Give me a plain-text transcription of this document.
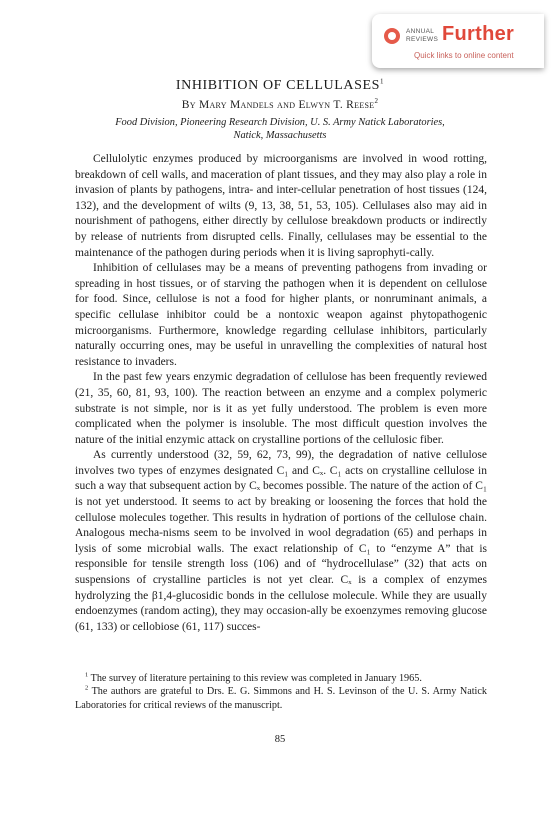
ANNUAL REVIEWS Further
Quick links to online content
INHIBITION OF CELLULASES$^1$
By Mary Mandels and Elwyn T. Reese$^2$
Food Division, Pioneering Research Division, U. S. Army Natick Laboratories,
Natick, Massachusetts

Cellulolytic enzymes produced by microorganisms are involved in wood rotting, breakdown of cell walls, and maceration of plant tissues, and they may also play a role in invasion of plants by pathogens, intra- and inter-cellular penetration of host tissues (124, 132), and the development of wilts (9, 13, 38, 51, 53, 105). Cellulases also may aid in nourishment of pathogens, either directly by cellulose breakdown products or indirectly by release of nutrients from disrupted cells. Finally, cellulases may be essential to the maintenance of the pathogen during periods when it is living saprophyti-cally.

Inhibition of cellulases may be a means of preventing pathogens from invading or spreading in host tissues, or of starving the pathogen when it is dependent on cellulose for food. Since, cellulose is not a food for higher plants, or nonruminant animals, a specific cellulase inhibitor could be a nontoxic weapon against phytopathogenic microorganisms. Furthermore, knowledge regarding cellulase inhibitors, particularly naturally occurring ones, may be useful in unravelling the complexities of natural host resistance to invaders.

In the past few years enzymic degradation of cellulose has been frequently reviewed (21, 35, 60, 81, 93, 100). The reaction between an enzyme and a complex polymeric substrate is not simple, nor is it as yet fully understood. The problem is even more complicated when the polymer is insoluble. The most difficult question involves the nature of the initial enzymic attack on crystalline portions of the cellulosic fiber.

As currently understood (32, 59, 62, 73, 99), the degradation of native cellulose involves two types of enzymes designated C₁ and Cₓ. C₁ acts on crystalline cellulose in such a way that subsequent action by Cₓ becomes possible. The nature of the action of C₁ is not yet understood. It seems to act by breaking or loosening the forces that hold the cellulose molecules together. This results in hydration of portions of the cellulose chain. Analogous mecha-nisms seem to be involved in wool degradation (65) and perhaps in lysis of some microbial walls. The exact relationship of C₁ to “enzyme A” that is responsible for tensile strength loss (106) and of “hydrocellulase” (32) that acts on suspensions of crystalline particles is not yet clear. Cₓ is a complex of enzymes hydrolyzing the β1,4-glucosidic bonds in the cellulose molecule. While they are usually endoenzymes (random acting), they may occasion-ally be exoenzymes removing glucose (61, 133) or cellobiose (61, 117) succes-

$^1$ The survey of literature pertaining to this review was completed in January 1965.

$^2$ The authors are grateful to Drs. E. G. Simmons and H. S. Levinson of the U. S. Army Natick Laboratories for critical reviews of the manuscript.

85
